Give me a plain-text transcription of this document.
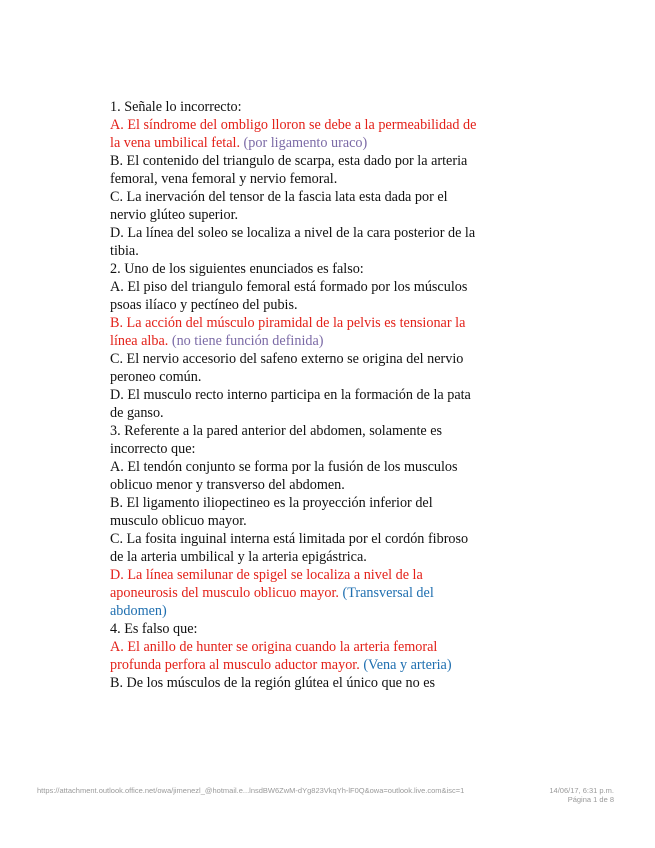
1. Señale lo incorrecto:

A. El síndrome del ombligo lloron se debe a la permeabilidad de la vena umbilical fetal. (por ligamento uraco)

B. El contenido del triangulo de scarpa, esta dado por la arteria femoral, vena femoral y nervio femoral.

C. La inervación del tensor de la fascia lata esta dada por el nervio glúteo superior.

D. La línea del soleo se localiza a nivel de la cara posterior de la tibia.

2. Uno de los siguientes enunciados es falso:

A. El piso del triangulo femoral está formado por los músculos psoas ilíaco y pectíneo del pubis.

B. La acción del músculo piramidal de la pelvis es tensionar la línea alba. (no tiene función definida)

C. El nervio accesorio del safeno externo se origina del nervio peroneo común.

D. El musculo recto interno participa en la formación de la pata de ganso.

3. Referente a la pared anterior del abdomen, solamente es incorrecto que:

A. El tendón conjunto se forma por la fusión de los musculos oblicuo menor y transverso del abdomen.

B. El ligamento iliopectineo es la proyección inferior del musculo oblicuo mayor.

C. La fosita inguinal interna está limitada por el cordón fibroso de la arteria umbilical y la arteria epigástrica.

D. La línea semilunar de spigel se localiza a nivel de la aponeurosis del musculo oblicuo mayor. (Transversal del abdomen)

4. Es falso que:

A. El anillo de hunter se origina cuando la arteria femoral profunda perfora al musculo aductor mayor. (Vena y arteria)

B. De los músculos de la región glútea el único que no es

https://attachment.outlook.office.net/owa/jimenezl_@hotmail.e...lnsdBW6ZwM-dYg823VkqYh-lF0Q&owa=outlook.live.com&isc=1	14/06/17, 6:31 p.m.
Página 1 de 8
